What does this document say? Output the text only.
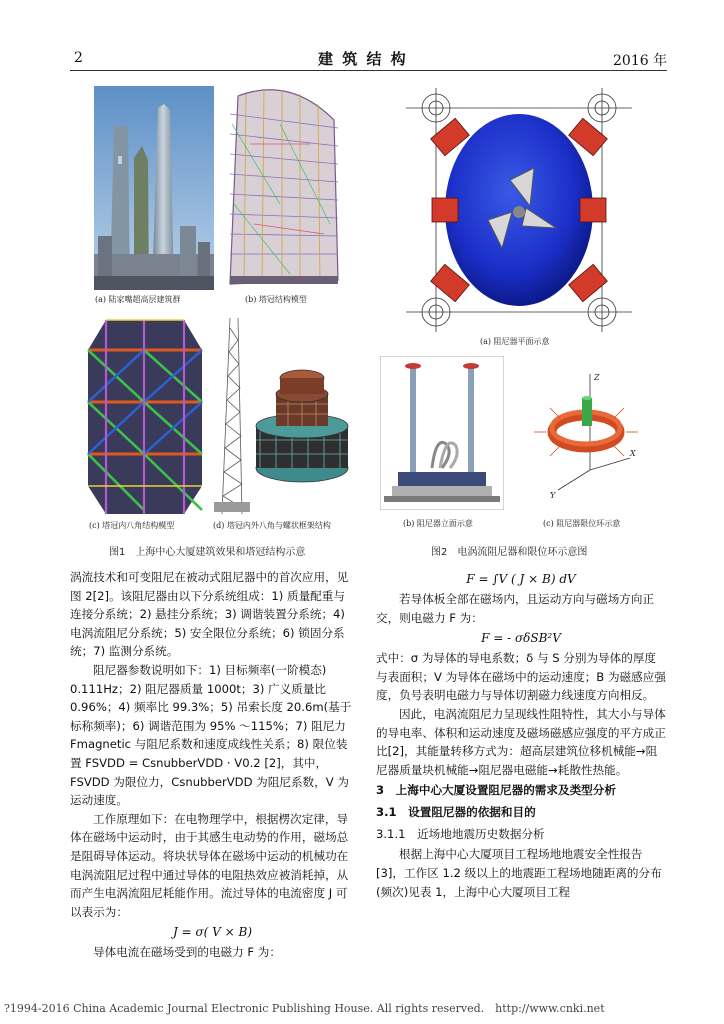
2	建 筑 结 构	2016 年
(a) 陆家嘴超高层建筑群	(b) 塔冠结构模型
(c) 塔冠内八角结构模型	(d) 塔冠内外八角与螺状框架结构
图1　上海中心大厦建筑效果和塔冠结构示意
(a) 阻尼器平面示意
(b) 阻尼器立面示意
Z
X
Y
(c) 阻尼器限位环示意
图2　电涡流阻尼器和限位环示意图

涡流技术和可变阻尼在被动式阻尼器中的首次应用，见图 2[2]。该阻尼器由以下分系统组成：1) 质量配重与连接分系统；2) 悬挂分系统；3) 调谐装置分系统；4) 电涡流阻尼分系统；5) 安全限位分系统；6) 锁固分系统；7) 监测分系统。

阻尼器参数说明如下：1) 目标频率(一阶模态) 0.111Hz；2) 阻尼器质量 1000t；3) 广义质量比 0.96%；4) 频率比 99.3%；5) 吊索长度 20.6m(基于标称频率)；6) 调谐范围为 95% ～115%；7) 阻尼力 Fmagnetic 与阻尼系数和速度成线性关系；8) 限位装置 FSVDD = CsnubberVDD · V0.2 [2]，其中，FSVDD 为限位力，CsnubberVDD 为阻尼系数，V 为运动速度。

工作原理如下：在电物理学中，根据楞次定律，导体在磁场中运动时，由于其感生电动势的作用，磁场总是阻碍导体运动。将块状导体在磁场中运动的机械功在电涡流阻尼过程中通过导体的电阻热效应被消耗掉，从而产生电涡流阻尼耗能作用。流过导体的电流密度 J 可以表示为：

J = σ( V × B)

导体电流在磁场受到的电磁力 F 为：

F = ∫V ( J × B) dV

若导体板全部在磁场内，且运动方向与磁场方向正交，则电磁力 F 为：

F = - σδSB²V

式中：σ 为导体的导电系数；δ 与 S 分别为导体的厚度与表面积；V 为导体在磁场中的运动速度；B 为磁感应强度，负号表明电磁力与导体切割磁力线速度方向相反。

因此，电涡流阻尼力呈现线性阻特性，其大小与导体的导电率、体积和运动速度及磁场磁感应强度的平方成正比[2]，其能量转移方式为：超高层建筑位移机械能→阻尼器质量块机械能→阻尼器电磁能→耗散性热能。

3　上海中心大厦设置阻尼器的需求及类型分析
3.1　设置阻尼器的依据和目的
3.1.1　近场地地震历史数据分析

根据上海中心大厦项目工程场地地震安全性报告[3]，工作区 1.2 级以上的地震距工程场地随距离的分布(频次)见表 1，上海中心大厦项目工程

?1994-2016 China Academic Journal Electronic Publishing House. All rights reserved.　http://www.cnki.net
